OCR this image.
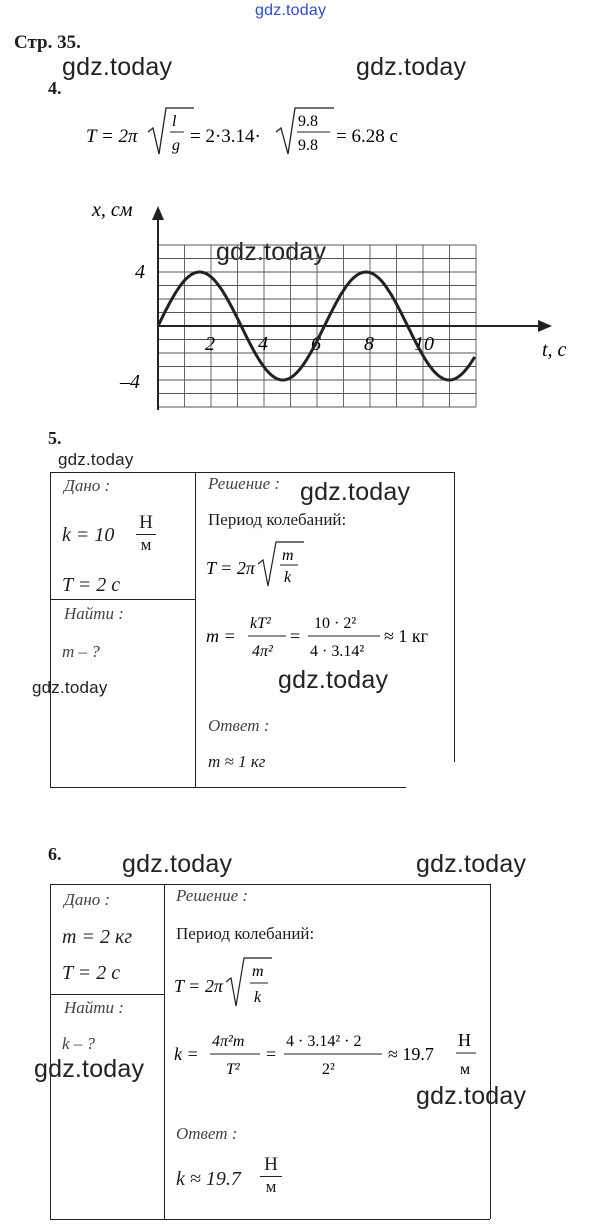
gdz.today
gdz.today	gdz.today
gdz.today
gdz.today
gdz.today
gdz.today
gdz.today
gdz.today	gdz.today
gdz.today
gdz.today
Стр. 35.
4.
T = 2π
l
g = 2·3.14·
9.8
9.8 = 6.28 с
x, см
t, с
4
–4
2 4 6 8 10
5.
Дано :
k = 10
Н
м
T = 2 с
Найти :
m – ?
Решение :
Период колебаний:
T = 2π
m
k
m =
kT²
4π²
=
10 · 2²
4 · 3.14²
≈ 1 кг
Ответ :
m ≈ 1 кг
6.
Дано :
m = 2 кг
T = 2 с
Найти :
k – ?
Решение :
Период колебаний:
T = 2π
m
k
k =
4π²m
T²
=
4 · 3.14² · 2
2²
≈ 19.7
Н
м
Ответ :
k ≈ 19.7
Н
м
